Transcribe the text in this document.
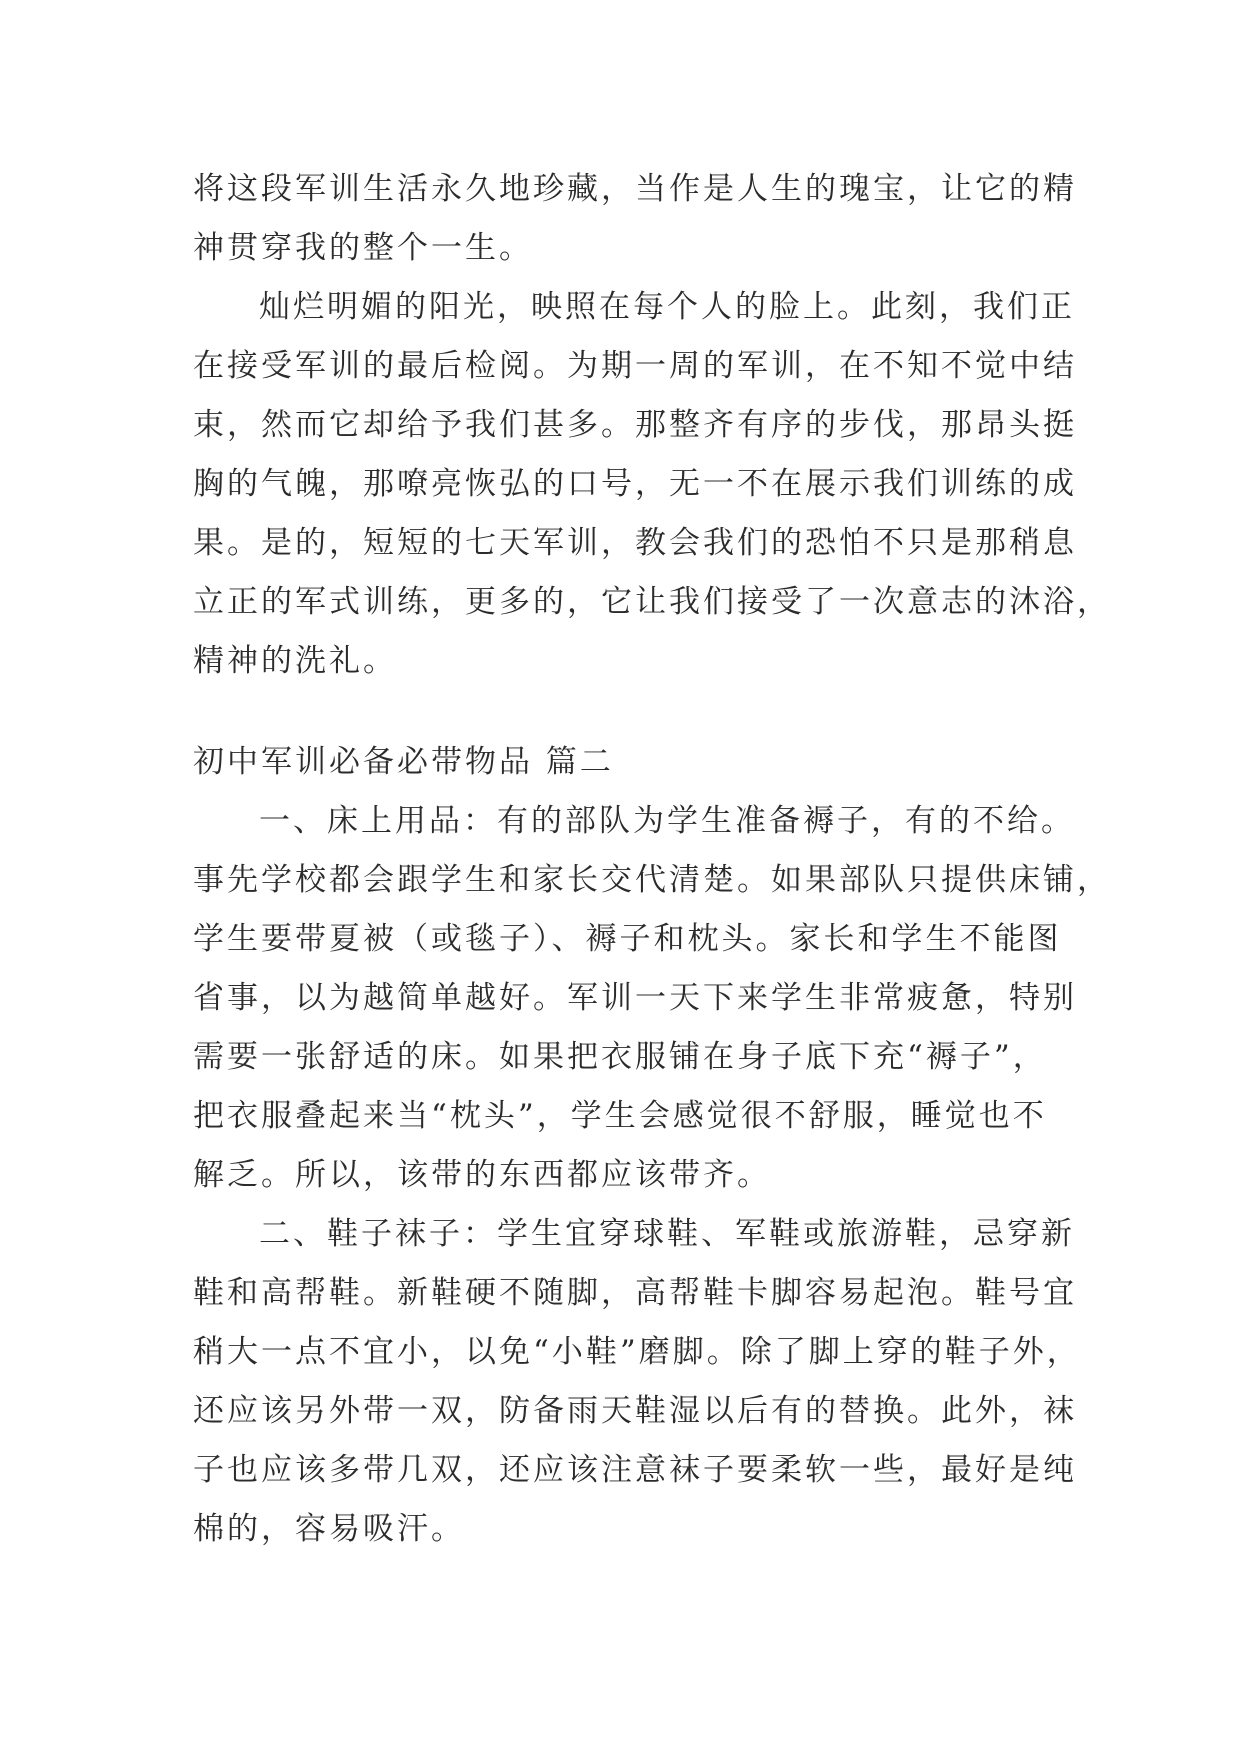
将这段军训生活永久地珍藏，当作是人生的瑰宝，让它的精
神贯穿我的整个一生。
灿烂明媚的阳光，映照在每个人的脸上。此刻，我们正
在接受军训的最后检阅。为期一周的军训，在不知不觉中结
束，然而它却给予我们甚多。那整齐有序的步伐，那昂头挺
胸的气魄，那嘹亮恢弘的口号，无一不在展示我们训练的成
果。是的，短短的七天军训，教会我们的恐怕不只是那稍息
立正的军式训练，更多的，它让我们接受了一次意志的沐浴，
精神的洗礼。
初中军训必备必带物品 篇二
一、床上用品：有的部队为学生准备褥子，有的不给。
事先学校都会跟学生和家长交代清楚。如果部队只提供床铺，
学生要带夏被（或毯子）、褥子和枕头。家长和学生不能图
省事，以为越简单越好。军训一天下来学生非常疲惫，特别
需要一张舒适的床。如果把衣服铺在身子底下充“褥子”，
把衣服叠起来当“枕头”，学生会感觉很不舒服，睡觉也不
解乏。所以，该带的东西都应该带齐。
二、鞋子袜子：学生宜穿球鞋、军鞋或旅游鞋，忌穿新
鞋和高帮鞋。新鞋硬不随脚，高帮鞋卡脚容易起泡。鞋号宜
稍大一点不宜小，以免“小鞋”磨脚。除了脚上穿的鞋子外，
还应该另外带一双，防备雨天鞋湿以后有的替换。此外，袜
子也应该多带几双，还应该注意袜子要柔软一些，最好是纯
棉的，容易吸汗。
